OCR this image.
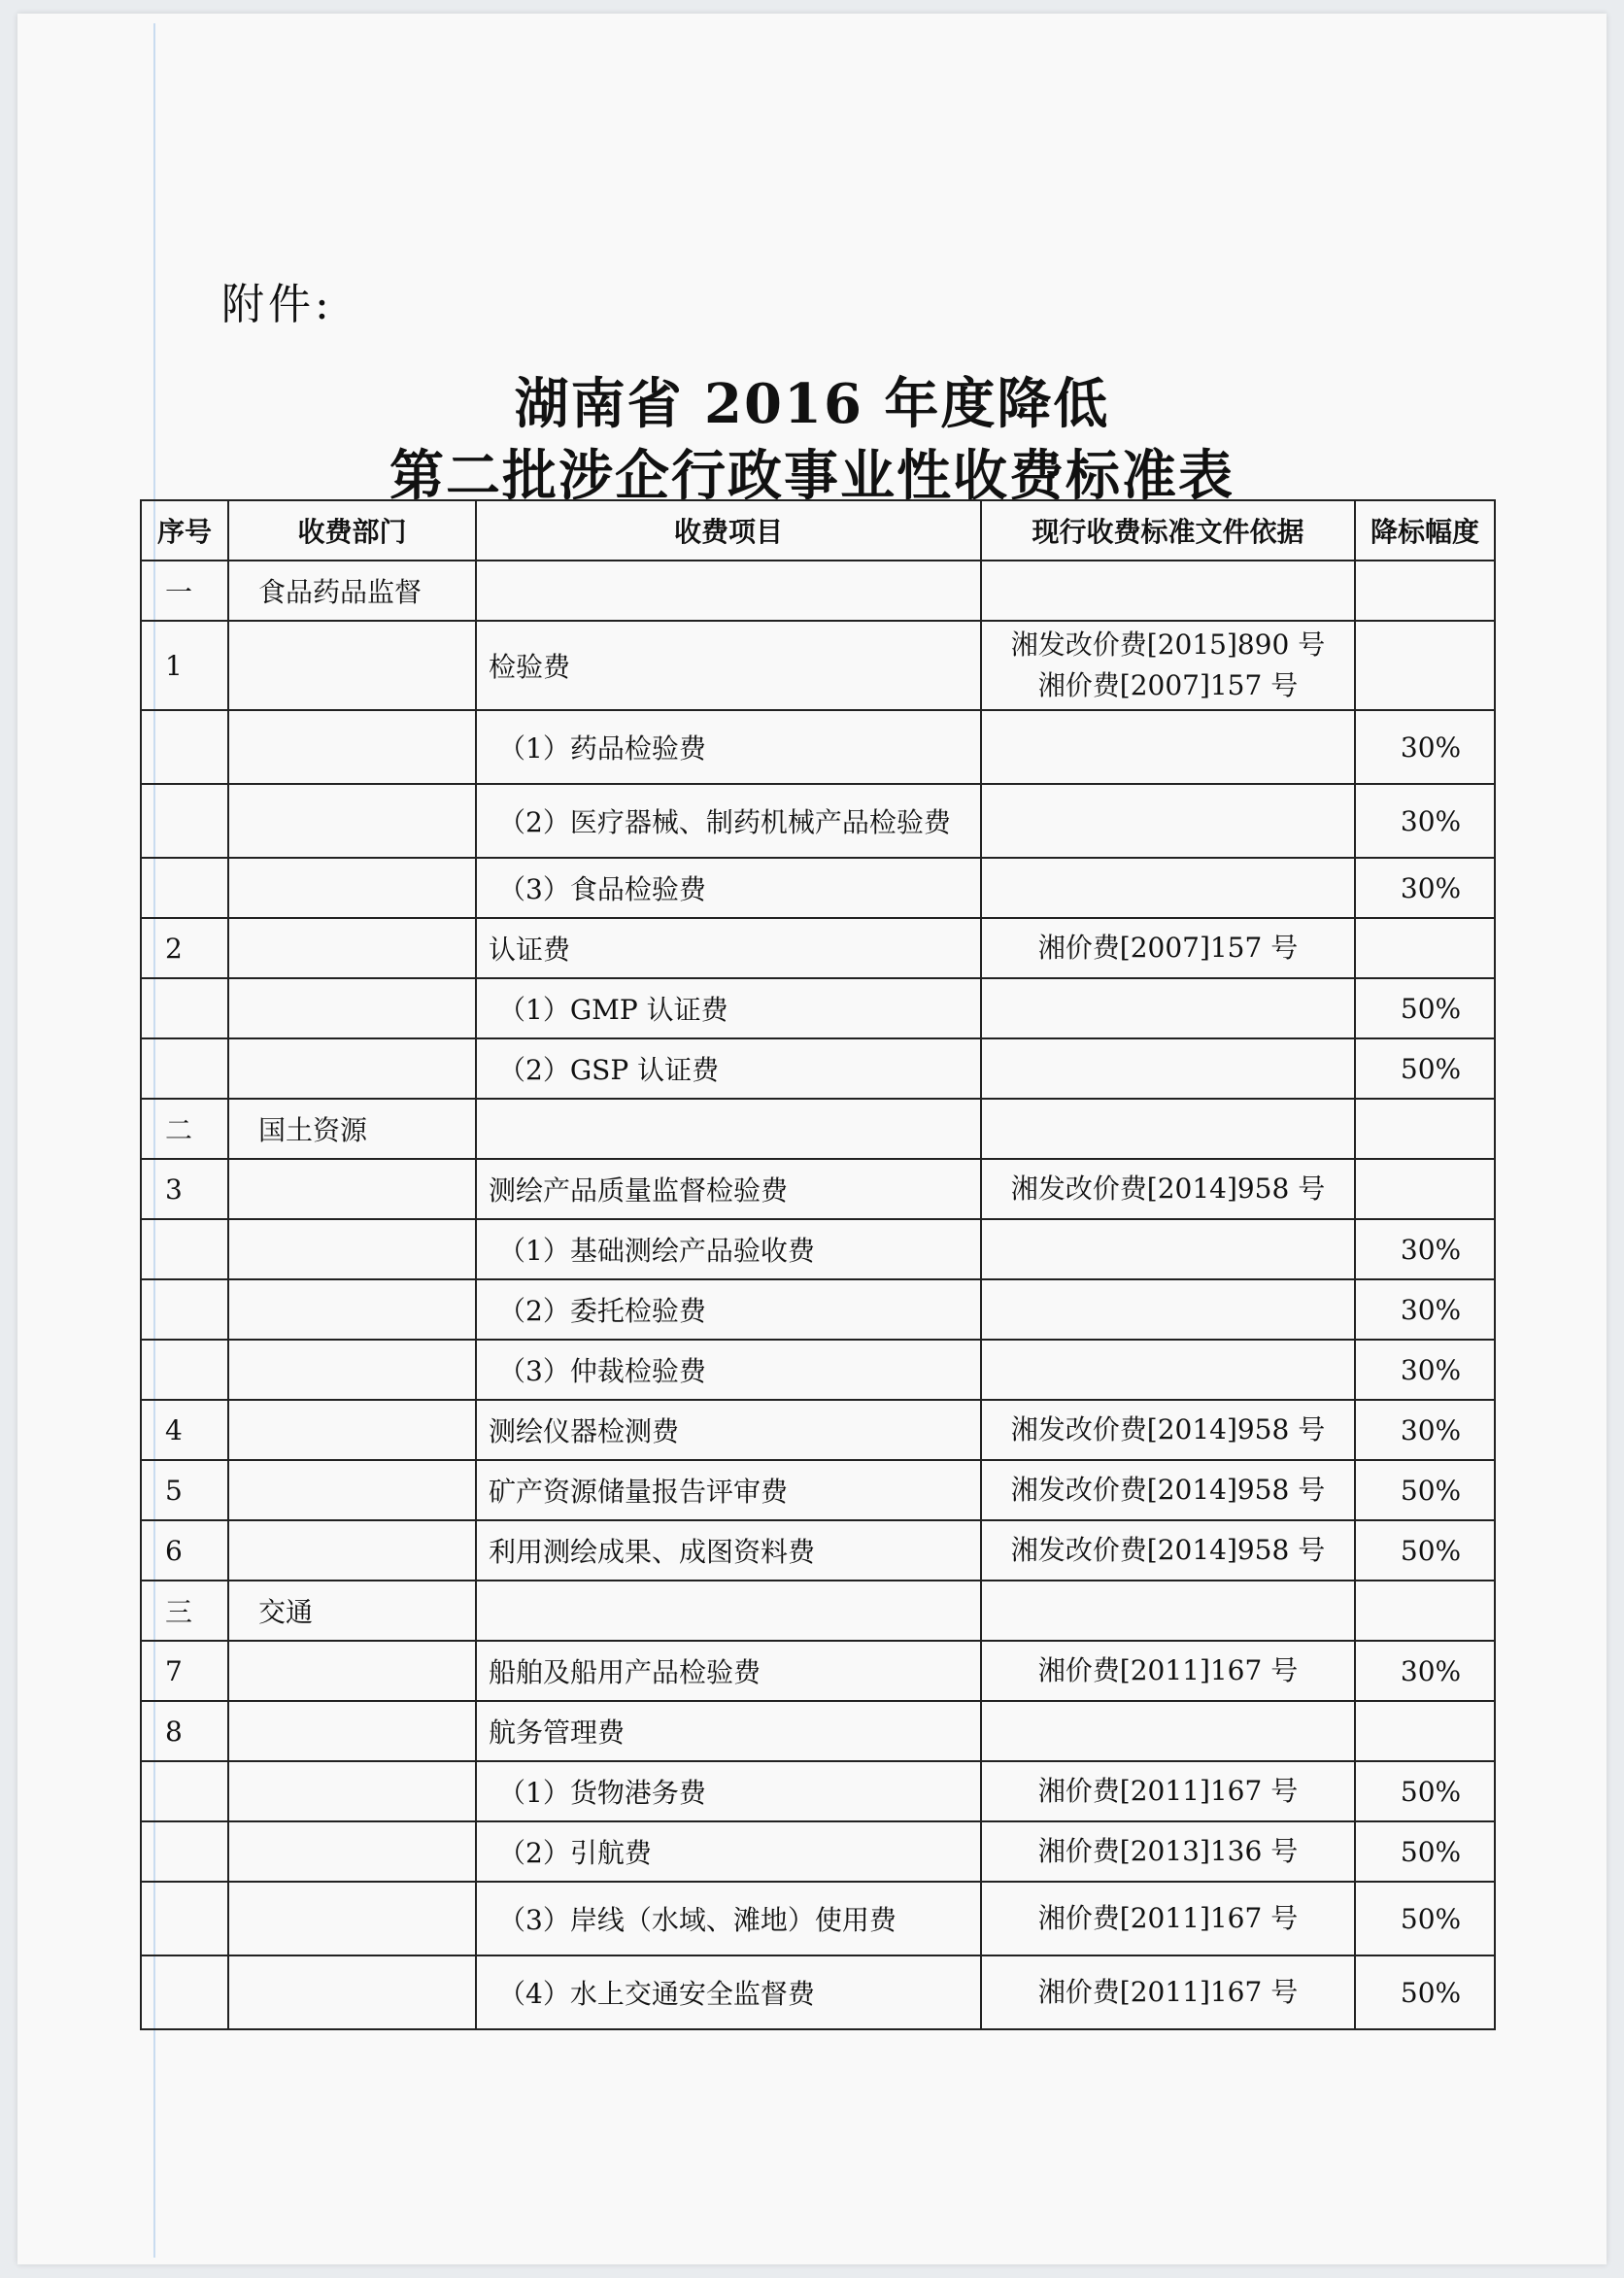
附件:
湖南省 2016 年度降低
第二批涉企行政事业性收费标准表
序号	收费部门	收费项目	现行收费标准文件依据	降标幅度
一	食品药品监督			
1		检验费	湘发改价费[2015]890 号
湘价费[2007]157 号	

		（1）药品检验费		30%
		（2）医疗器械、制药机械产品检验费		30%
		（3）食品检验费		30%
2		认证费	湘价费[2007]157 号	
		（1）GMP 认证费		50%
		（2）GSP 认证费		50%
二	国土资源			
3		测绘产品质量监督检验费	湘发改价费[2014]958 号	
		（1）基础测绘产品验收费		30%
		（2）委托检验费		30%
		（3）仲裁检验费		30%
4		测绘仪器检测费	湘发改价费[2014]958 号	30%
5		矿产资源储量报告评审费	湘发改价费[2014]958 号	50%
6		利用测绘成果、成图资料费	湘发改价费[2014]958 号	50%
三	交通			
7		船舶及船用产品检验费	湘价费[2011]167 号	30%
8		航务管理费		
		（1）货物港务费	湘价费[2011]167 号	50%
		（2）引航费	湘价费[2013]136 号	50%
		（3）岸线（水域、滩地）使用费	湘价费[2011]167 号	50%
		（4）水上交通安全监督费	湘价费[2011]167 号	50%
